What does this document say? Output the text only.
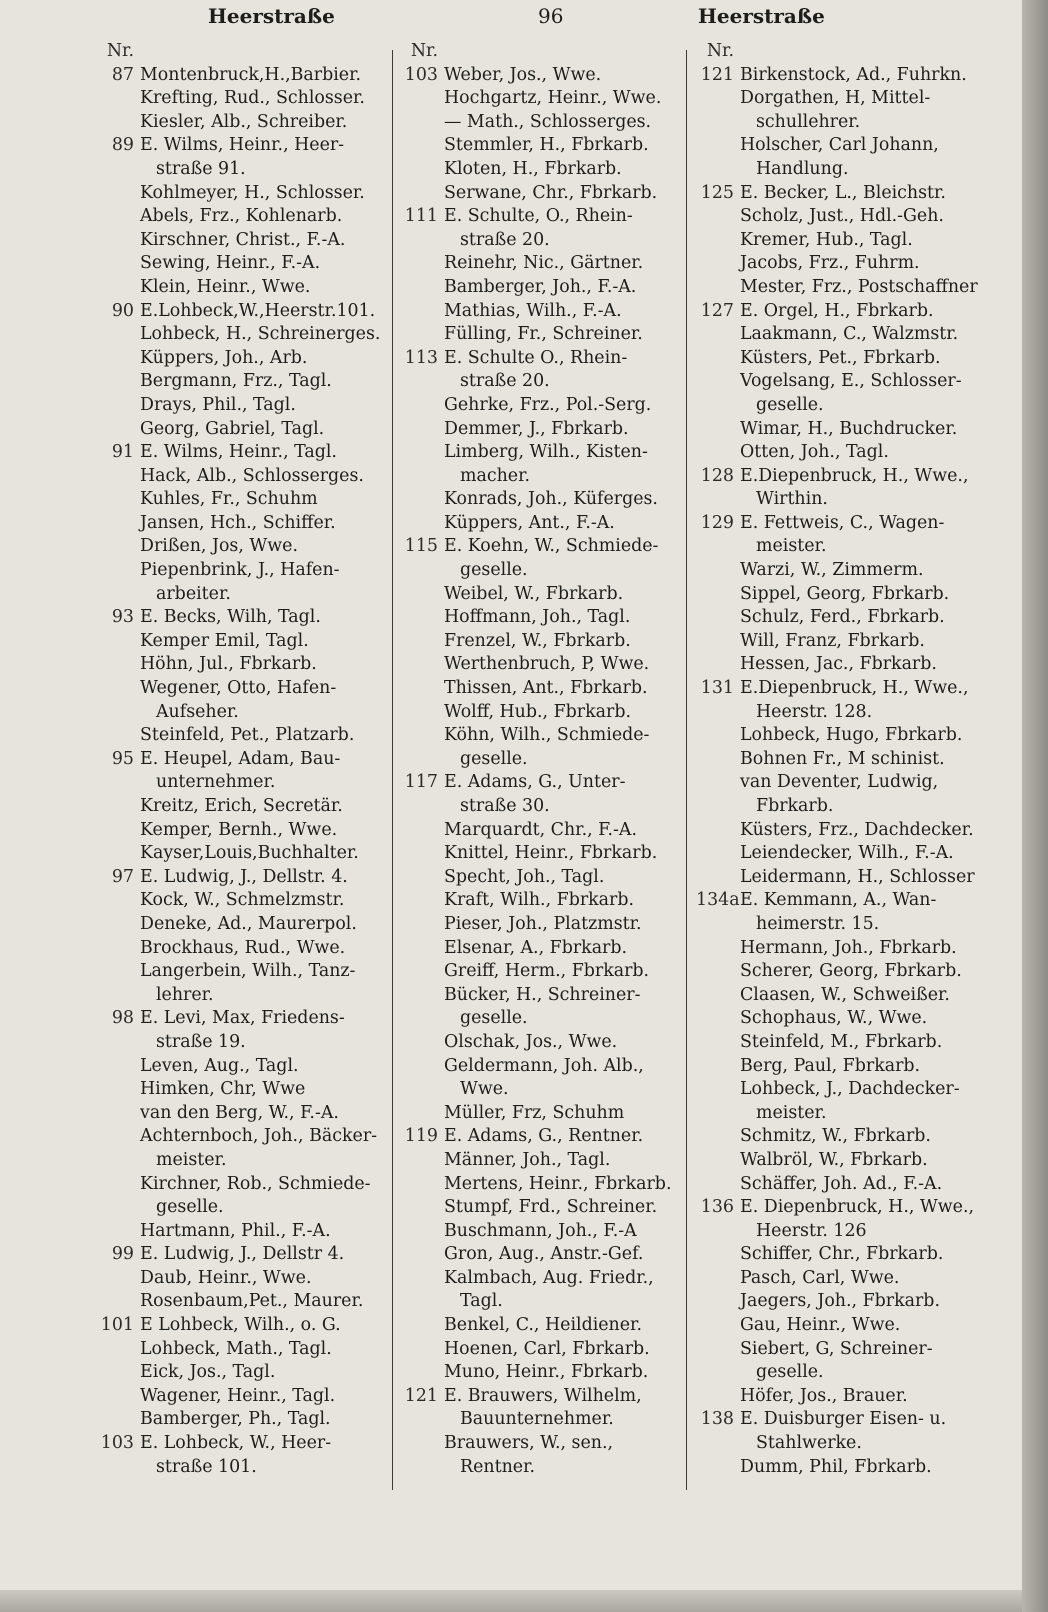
Heerstraße	96	Heerstraße
Nr.
87 Montenbruck,H.,Barbier.
Krefting, Rud., Schlosser.
Kiesler, Alb., Schreiber.
89 E. Wilms, Heinr., Heer-
straße 91.
Kohlmeyer, H., Schlosser.
Abels, Frz., Kohlenarb.
Kirschner, Christ., F.-A.
Sewing, Heinr., F.-A.
Klein, Heinr., Wwe.
90 E.Lohbeck,W.,Heerstr.101.
Lohbeck, H., Schreinerges.
Küppers, Joh., Arb.
Bergmann, Frz., Tagl.
Drays, Phil., Tagl.
Georg, Gabriel, Tagl.
91 E. Wilms, Heinr., Tagl.
Hack, Alb., Schlosserges.
Kuhles, Fr., Schuhm
Jansen, Hch., Schiffer.
Drißen, Jos, Wwe.
Piepenbrink, J., Hafen-
arbeiter.
93 E. Becks, Wilh, Tagl.
Kemper Emil, Tagl.
Höhn, Jul., Fbrkarb.
Wegener, Otto, Hafen-
Aufseher.
Steinfeld, Pet., Platzarb.
95 E. Heupel, Adam, Bau-
unternehmer.
Kreitz, Erich, Secretär.
Kemper, Bernh., Wwe.
Kayser,Louis,Buchhalter.
97 E. Ludwig, J., Dellstr. 4.
Kock, W., Schmelzmstr.
Deneke, Ad., Maurerpol.
Brockhaus, Rud., Wwe.
Langerbein, Wilh., Tanz-
lehrer.
98 E. Levi, Max, Friedens-
straße 19.
Leven, Aug., Tagl.
Himken, Chr, Wwe
van den Berg, W., F.-A.
Achternboch, Joh., Bäcker-
meister.
Kirchner, Rob., Schmiede-
geselle.
Hartmann, Phil., F.-A.
99 E. Ludwig, J., Dellstr 4.
Daub, Heinr., Wwe.
Rosenbaum,Pet., Maurer.
101 E Lohbeck, Wilh., o. G.
Lohbeck, Math., Tagl.
Eick, Jos., Tagl.
Wagener, Heinr., Tagl.
Bamberger, Ph., Tagl.
103 E. Lohbeck, W., Heer-
straße 101.
Nr.
103 Weber, Jos., Wwe.
Hochgartz, Heinr., Wwe.
— Math., Schlosserges.
Stemmler, H., Fbrkarb.
Kloten, H., Fbrkarb.
Serwane, Chr., Fbrkarb.
111 E. Schulte, O., Rhein-
straße 20.
Reinehr, Nic., Gärtner.
Bamberger, Joh., F.-A.
Mathias, Wilh., F.-A.
Fülling, Fr., Schreiner.
113 E. Schulte O., Rhein-
straße 20.
Gehrke, Frz., Pol.-Serg.
Demmer, J., Fbrkarb.
Limberg, Wilh., Kisten-
macher.
Konrads, Joh., Küferges.
Küppers, Ant., F.-A.
115 E. Koehn, W., Schmiede-
geselle.
Weibel, W., Fbrkarb.
Hoffmann, Joh., Tagl.
Frenzel, W., Fbrkarb.
Werthenbruch, P, Wwe.
Thissen, Ant., Fbrkarb.
Wolff, Hub., Fbrkarb.
Köhn, Wilh., Schmiede-
geselle.
117 E. Adams, G., Unter-
straße 30.
Marquardt, Chr., F.-A.
Knittel, Heinr., Fbrkarb.
Specht, Joh., Tagl.
Kraft, Wilh., Fbrkarb.
Pieser, Joh., Platzmstr.
Elsenar, A., Fbrkarb.
Greiff, Herm., Fbrkarb.
Bücker, H., Schreiner-
geselle.
Olschak, Jos., Wwe.
Geldermann, Joh. Alb.,
Wwe.
Müller, Frz, Schuhm
119 E. Adams, G., Rentner.
Männer, Joh., Tagl.
Mertens, Heinr., Fbrkarb.
Stumpf, Frd., Schreiner.
Buschmann, Joh., F.-A
Gron, Aug., Anstr.-Gef.
Kalmbach, Aug. Friedr.,
Tagl.
Benkel, C., Heildiener.
Hoenen, Carl, Fbrkarb.
Muno, Heinr., Fbrkarb.
121 E. Brauwers, Wilhelm,
Bauunternehmer.
Brauwers, W., sen.,
Rentner.
Nr.
121 Birkenstock, Ad., Fuhrkn.
Dorgathen, H, Mittel-
schullehrer.
Holscher, Carl Johann,
Handlung.
125 E. Becker, L., Bleichstr.
Scholz, Just., Hdl.-Geh.
Kremer, Hub., Tagl.
Jacobs, Frz., Fuhrm.
Mester, Frz., Postschaffner
127 E. Orgel, H., Fbrkarb.
Laakmann, C., Walzmstr.
Küsters, Pet., Fbrkarb.
Vogelsang, E., Schlosser-
geselle.
Wimar, H., Buchdrucker.
Otten, Joh., Tagl.
128 E.Diepenbruck, H., Wwe.,
Wirthin.
129 E. Fettweis, C., Wagen-
meister.
Warzi, W., Zimmerm.
Sippel, Georg, Fbrkarb.
Schulz, Ferd., Fbrkarb.
Will, Franz, Fbrkarb.
Hessen, Jac., Fbrkarb.
131 E.Diepenbruck, H., Wwe.,
Heerstr. 128.
Lohbeck, Hugo, Fbrkarb.
Bohnen Fr., M schinist.
van Deventer, Ludwig,
Fbrkarb.
Küsters, Frz., Dachdecker.
Leiendecker, Wilh., F.-A.
Leidermann, H., Schlosser
134a E. Kemmann, A., Wan-
heimerstr. 15.
Hermann, Joh., Fbrkarb.
Scherer, Georg, Fbrkarb.
Claasen, W., Schweißer.
Schophaus, W., Wwe.
Steinfeld, M., Fbrkarb.
Berg, Paul, Fbrkarb.
Lohbeck, J., Dachdecker-
meister.
Schmitz, W., Fbrkarb.
Walbröl, W., Fbrkarb.
Schäffer, Joh. Ad., F.-A.
136 E. Diepenbruck, H., Wwe.,
Heerstr. 126
Schiffer, Chr., Fbrkarb.
Pasch, Carl, Wwe.
Jaegers, Joh., Fbrkarb.
Gau, Heinr., Wwe.
Siebert, G, Schreiner-
geselle.
Höfer, Jos., Brauer.
138 E. Duisburger Eisen- u.
Stahlwerke.
Dumm, Phil, Fbrkarb.
